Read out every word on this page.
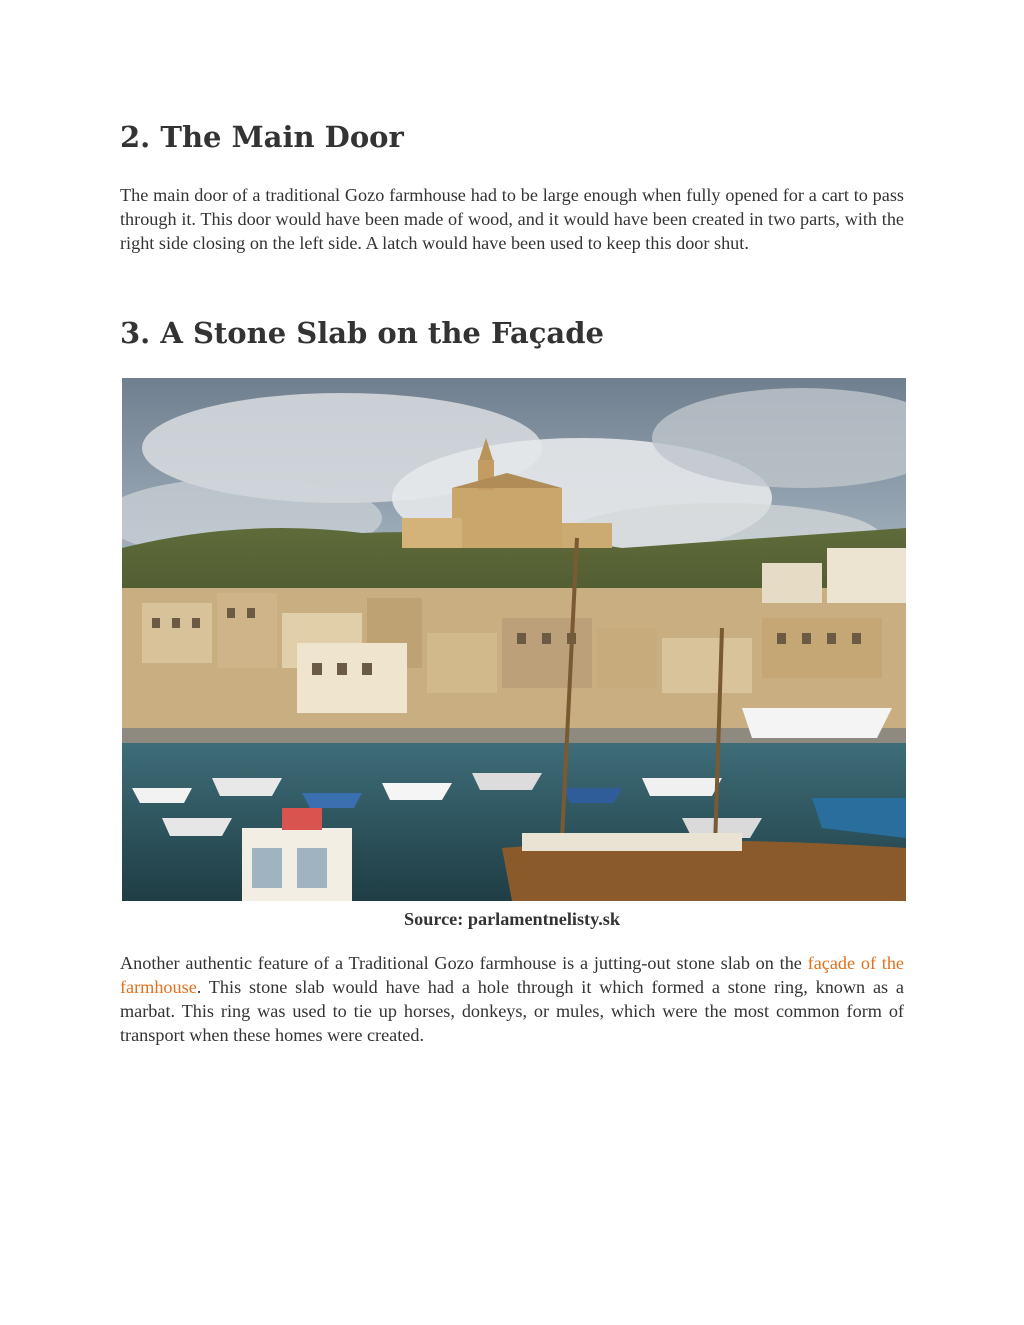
2. The Main Door

The main door of a traditional Gozo farmhouse had to be large enough when fully opened for a cart to pass through it. This door would have been made of wood, and it would have been created in two parts, with the right side closing on the left side. A latch would have been used to keep this door shut.

3. A Stone Slab on the Façade
Source: parlamentnelisty.sk

Another authentic feature of a Traditional Gozo farmhouse is a jutting-out stone slab on the façade of the farmhouse. This stone slab would have had a hole through it which formed a stone ring, known as a marbat. This ring was used to tie up horses, donkeys, or mules, which were the most common form of transport when these homes were created.
